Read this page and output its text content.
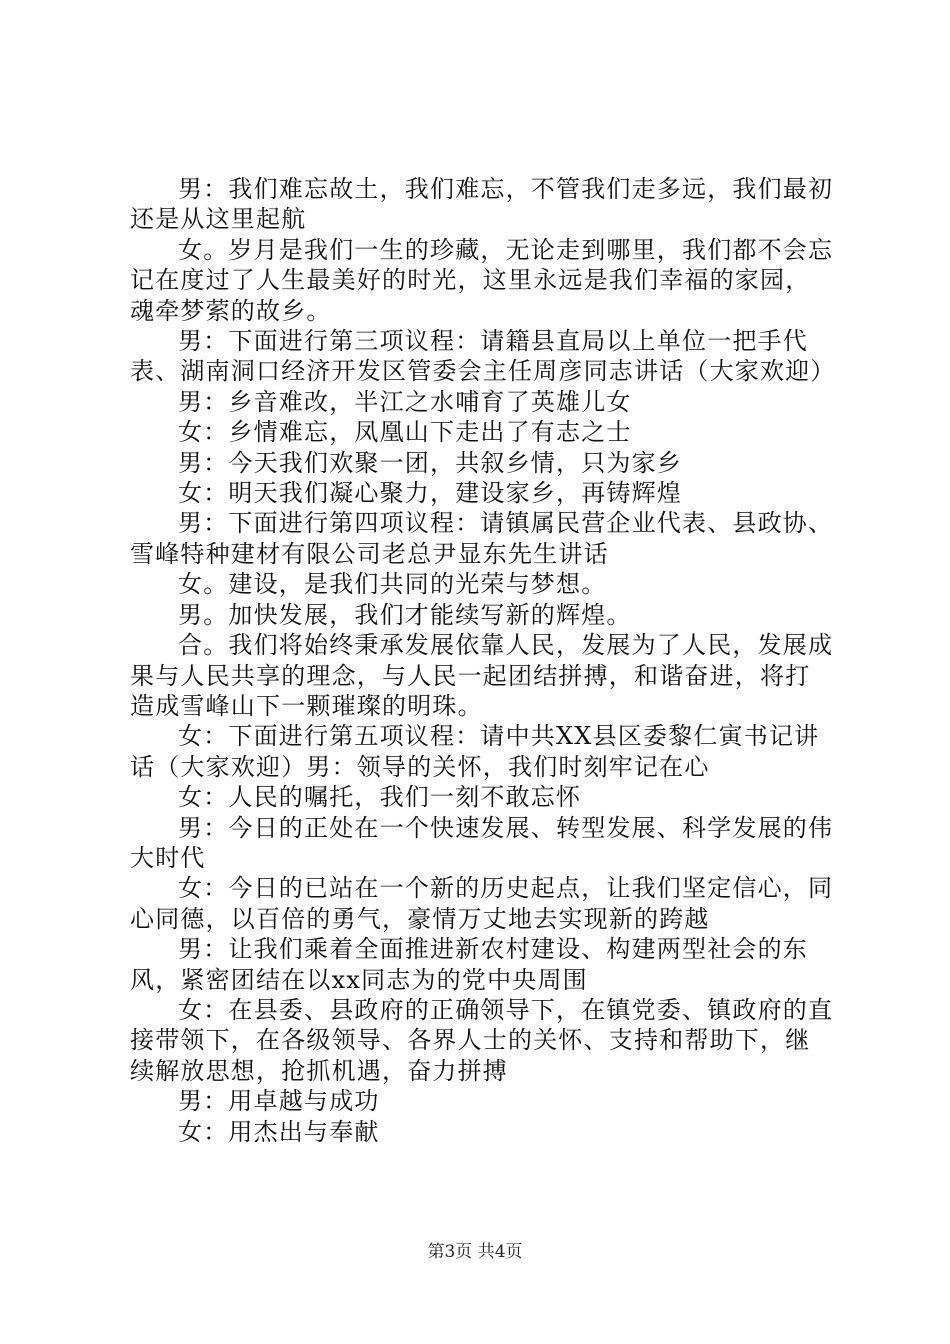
男：我们难忘故土，我们难忘，不管我们走多远，我们最初还是从这里起航

女。岁月是我们一生的珍藏，无论走到哪里，我们都不会忘记在度过了人生最美好的时光，这里永远是我们幸福的家园，魂牵梦萦的故乡。

男：下面进行第三项议程：请籍县直局以上单位一把手代表、湖南洞口经济开发区管委会主任周彦同志讲话（大家欢迎）

男：乡音难改，半江之水哺育了英雄儿女

女：乡情难忘，凤凰山下走出了有志之士

男：今天我们欢聚一团，共叙乡情，只为家乡

女：明天我们凝心聚力，建设家乡，再铸辉煌

男：下面进行第四项议程：请镇属民营企业代表、县政协、雪峰特种建材有限公司老总尹显东先生讲话

女。建设，是我们共同的光荣与梦想。

男。加快发展，我们才能续写新的辉煌。

合。我们将始终秉承发展依靠人民，发展为了人民，发展成果与人民共享的理念，与人民一起团结拼搏，和谐奋进，将打造成雪峰山下一颗璀璨的明珠。

女：下面进行第五项议程：请中共XX县区委黎仁寅书记讲话（大家欢迎）男：领导的关怀，我们时刻牢记在心

女：人民的嘱托，我们一刻不敢忘怀

男：今日的正处在一个快速发展、转型发展、科学发展的伟大时代

女：今日的已站在一个新的历史起点，让我们坚定信心，同心同德，以百倍的勇气，豪情万丈地去实现新的跨越

男：让我们乘着全面推进新农村建设、构建两型社会的东风，紧密团结在以xx同志为的党中央周围

女：在县委、县政府的正确领导下，在镇党委、镇政府的直接带领下，在各级领导、各界人士的关怀、支持和帮助下，继续解放思想，抢抓机遇，奋力拼搏

男：用卓越与成功

女：用杰出与奉献

第3页 共4页
